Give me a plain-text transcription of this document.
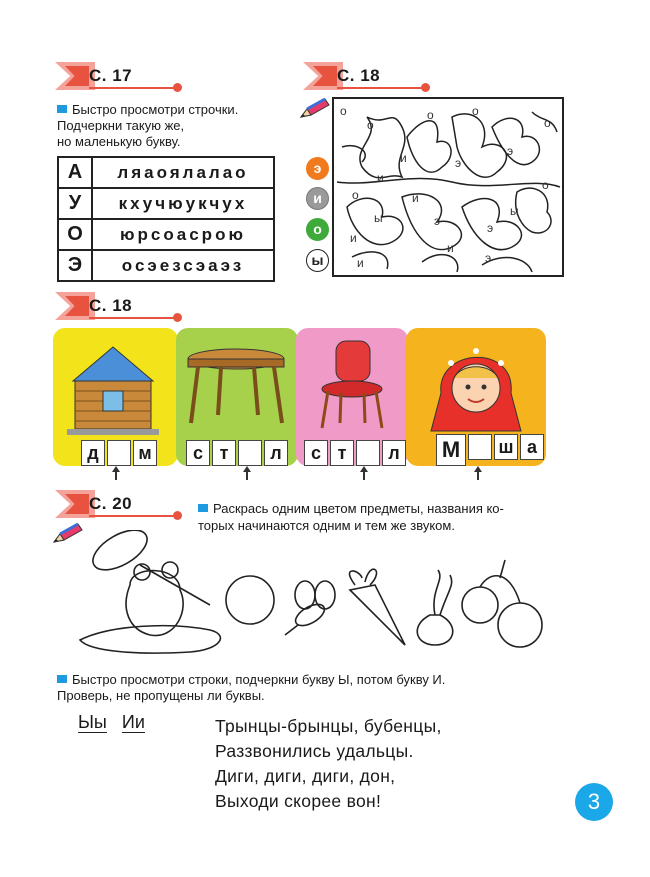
С. 17
Быстро просмотри строчки.
Подчеркни такую же,
но маленькую букву.
А	ляаоялалао
У	кхучюукчух
О	юрсоасрою
Э	осэезсэаэз
С. 18
э
и
о
ы
о
о
о	о
и
и
э
э
о
о
ы	ы
и
и
э
э
и
и
э
о
С. 18
д	м	с т	л	с т	л М	ш а
С. 20	Раскрась одним цветом предметы, названия ко-
торых начинаются одним и тем же звуком.
Быстро просмотри строки, подчеркни букву Ы, потом букву И.
Проверь, не пропущены ли буквы.
Ыы Ии	Трынцы-брынцы, бубенцы,
Раззвонились удальцы.
Диги, диги, диги, дон,
Выходи скорее вон!	3
